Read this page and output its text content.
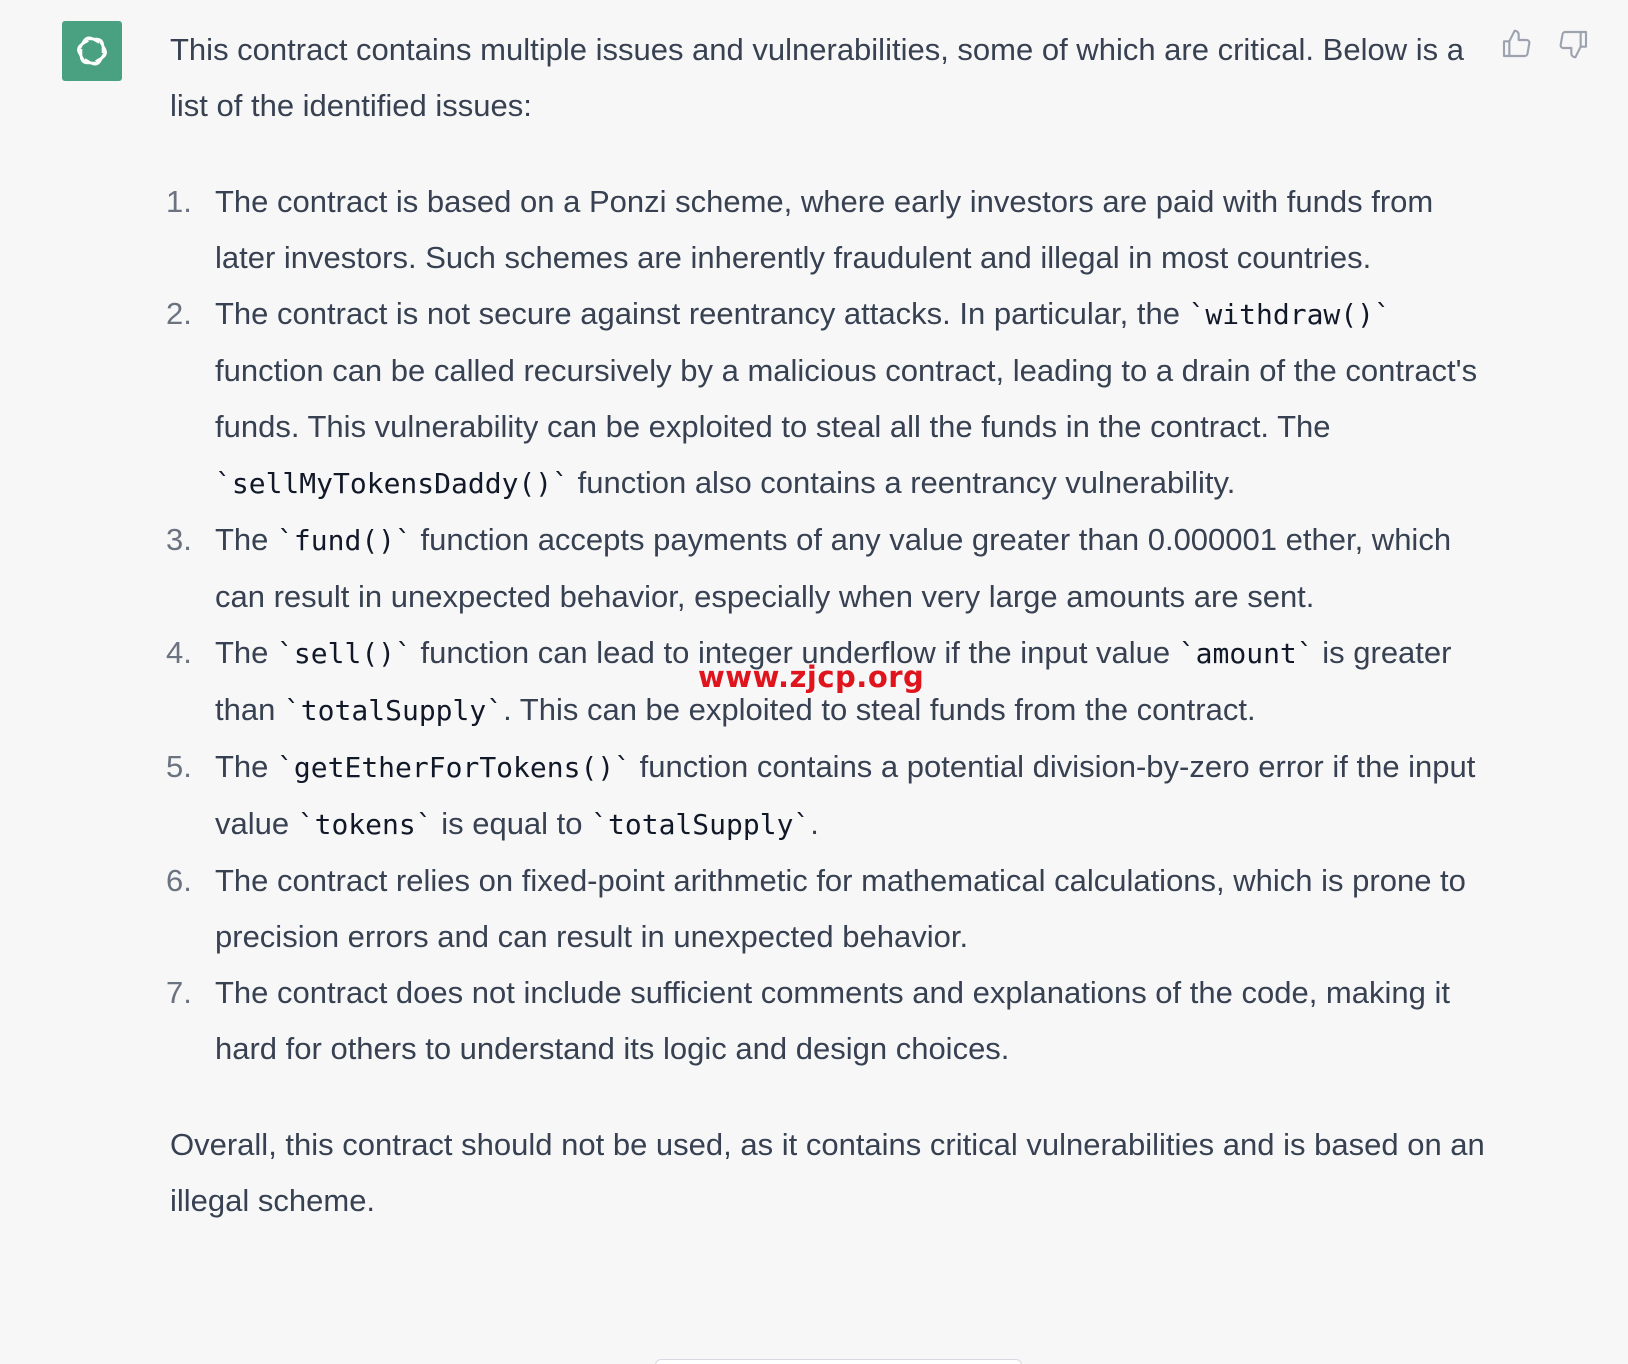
This contract contains multiple issues and vulnerabilities, some of which are critical. Below is a list of the identified issues:

1. The contract is based on a Ponzi scheme, where early investors are paid with funds from later investors. Such schemes are inherently fraudulent and illegal in most countries.
2. The contract is not secure against reentrancy attacks. In particular, the `withdraw()` function can be called recursively by a malicious contract, leading to a drain of the contract's funds. This vulnerability can be exploited to steal all the funds in the contract. The `sellMyTokensDaddy()` function also contains a reentrancy vulnerability.
3. The `fund()` function accepts payments of any value greater than 0.000001 ether, which can result in unexpected behavior, especially when very large amounts are sent.
4. The `sell()` function can lead to integer underflow if the input value `amount` is greater than `totalSupply`. This can be exploited to steal funds from the contract.
5. The `getEtherForTokens()` function contains a potential division-by-zero error if the input value `tokens` is equal to `totalSupply`.
6. The contract relies on fixed-point arithmetic for mathematical calculations, which is prone to precision errors and can result in unexpected behavior.
7. The contract does not include sufficient comments and explanations of the code, making it hard for others to understand its logic and design choices.

Overall, this contract should not be used, as it contains critical vulnerabilities and is based on an illegal scheme.

www.zjcp.org
